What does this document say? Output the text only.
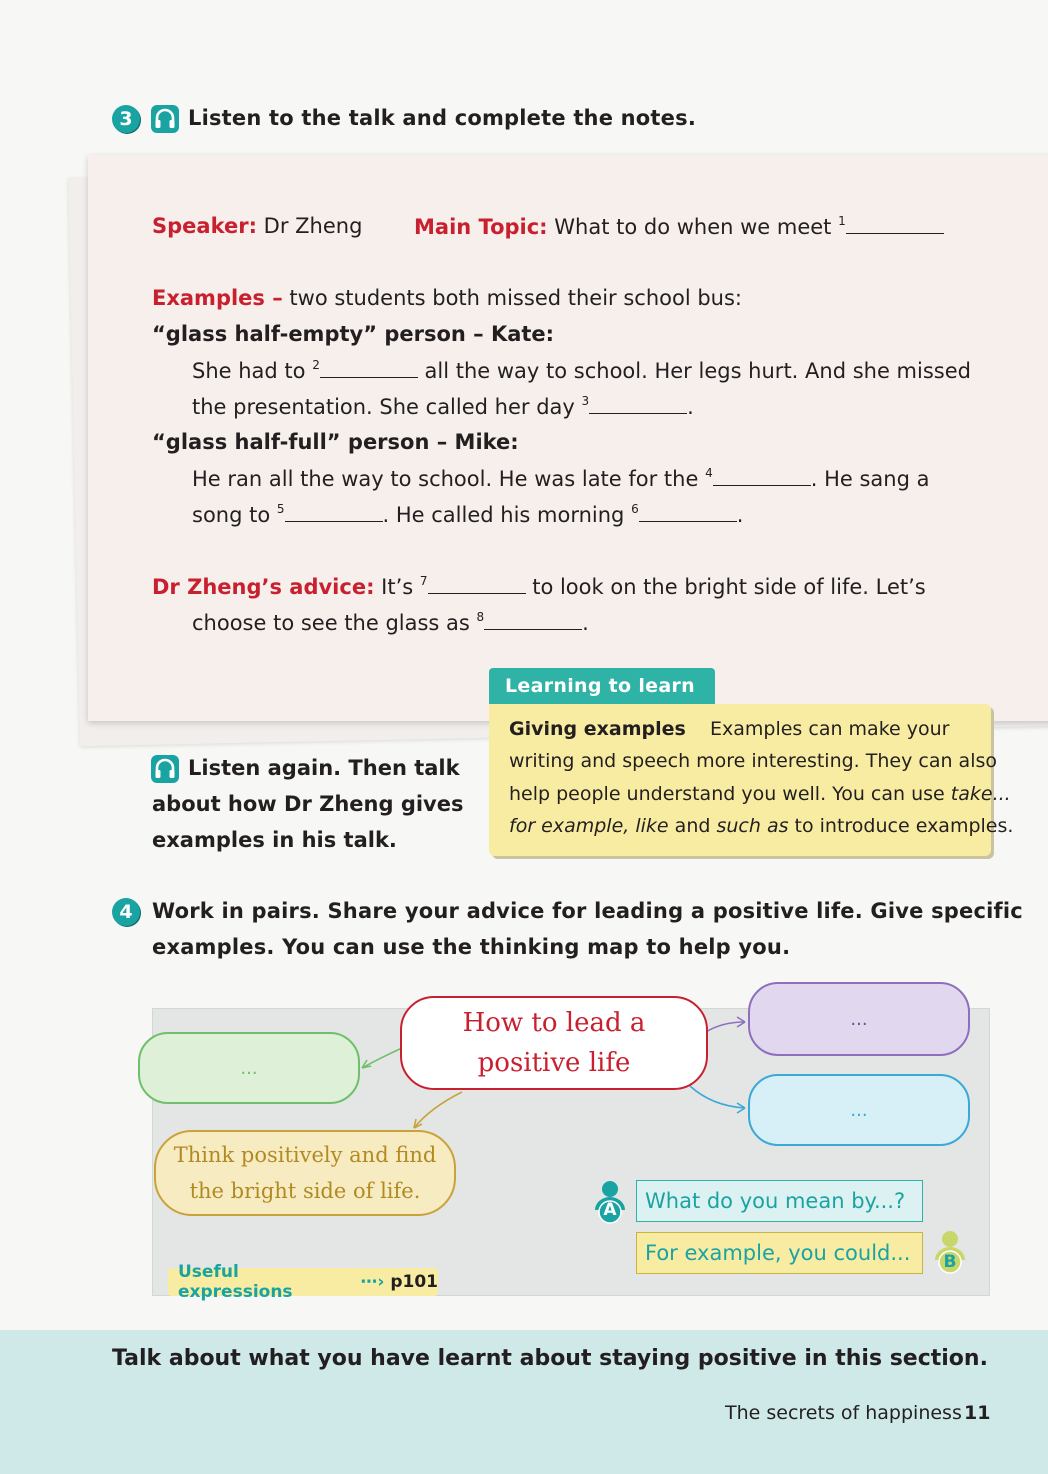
3	Listen to the talk and complete the notes.
Speaker: Dr Zheng Main Topic: What to do when we meet $^1$
Examples – two students both missed their school bus:
“glass half-empty” person – Kate:
She had to $^2$	all the way to school. Her legs hurt. And she missed
the presentation. She called her day $^3$	.
“glass half-full” person – Mike:
He ran all the way to school. He was late for the $^4$	. He sang a
song to $^5$	. He called his morning $^6$	.
Dr Zheng’s advice: It’s $^7$	to look on the bright side of life. Let’s
choose to see the glass as $^8$	.
Learning to learn
Giving examples Examples can make your
writing and speech more interesting. They can also
help people understand you well. You can use take...
for example, like and such as to introduce examples.
Listen again. Then talk
about how Dr Zheng gives
examples in his talk.
4 Work in pairs. Share your advice for leading a positive life. Give specific
examples. You can use the thinking map to help you.
How to lead a
positive life
...
...
...
Think positively and find
the bright side of life.
A	What do you mean by...?
For example, you could...	B
Useful expressions	⋯› p101
Talk about what you have learnt about staying positive in this section.
The secrets of happiness 11
